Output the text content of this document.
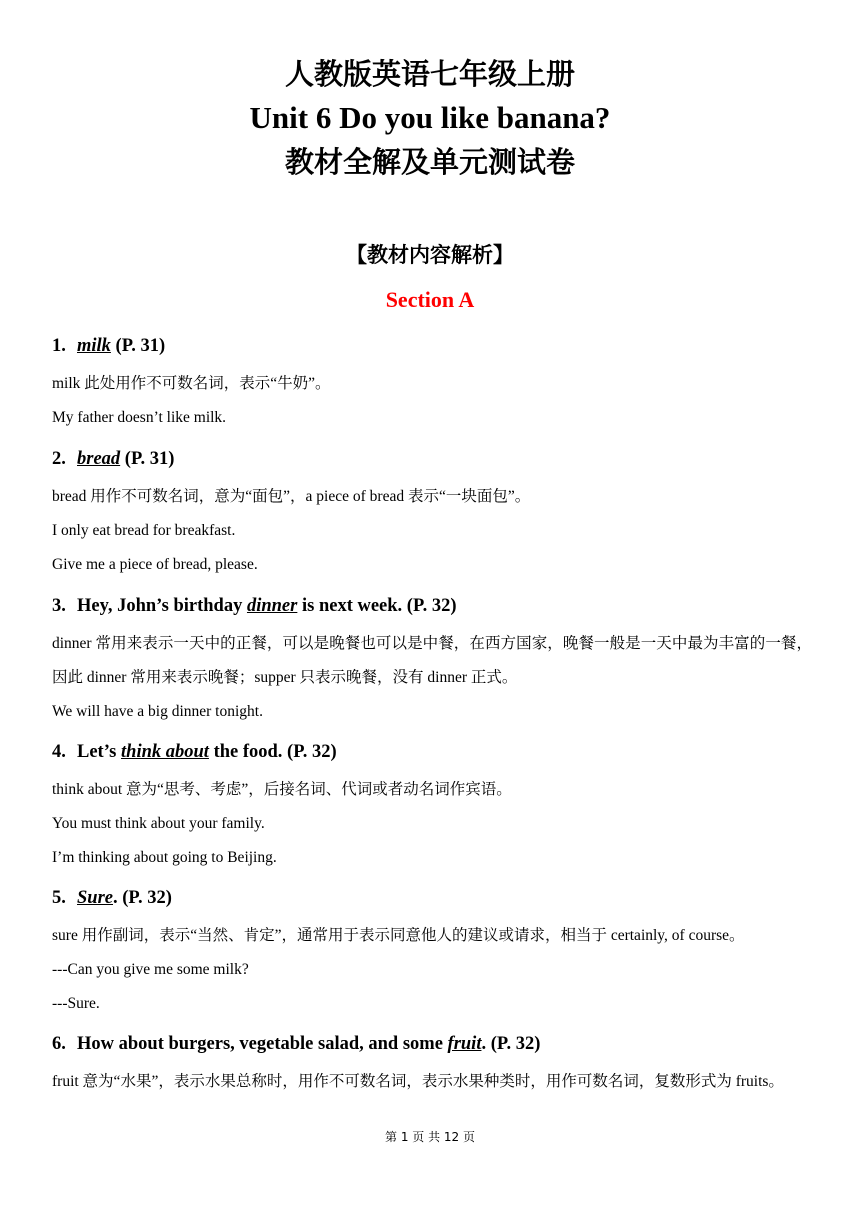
人教版英语七年级上册
Unit 6 Do you like banana?
教材全解及单元测试卷
【教材内容解析】
Section A

1. milk (P. 31)

milk 此处用作不可数名词，表示“牛奶”。

My father doesn’t like milk.

2. bread (P. 31)

bread 用作不可数名词，意为“面包”，a piece of bread 表示“一块面包”。

I only eat bread for breakfast.

Give me a piece of bread, please.

3. Hey, John’s birthday dinner is next week. (P. 32)

dinner 常用来表示一天中的正餐，可以是晚餐也可以是中餐，在西方国家，晚餐一般是一天中最为丰富的一餐，因此 dinner 常用来表示晚餐；supper 只表示晚餐，没有 dinner 正式。

We will have a big dinner tonight.

4. Let’s think about the food. (P. 32)

think about 意为“思考、考虑”，后接名词、代词或者动名词作宾语。

You must think about your family.

I’m thinking about going to Beijing.

5. Sure. (P. 32)

sure 用作副词，表示“当然、肯定”，通常用于表示同意他人的建议或请求，相当于 certainly, of course。

---Can you give me some milk?

---Sure.

6. How about burgers, vegetable salad, and some fruit. (P. 32)

fruit 意为“水果”，表示水果总称时，用作不可数名词，表示水果种类时，用作可数名词，复数形式为 fruits。

第 1 页 共 12 页
